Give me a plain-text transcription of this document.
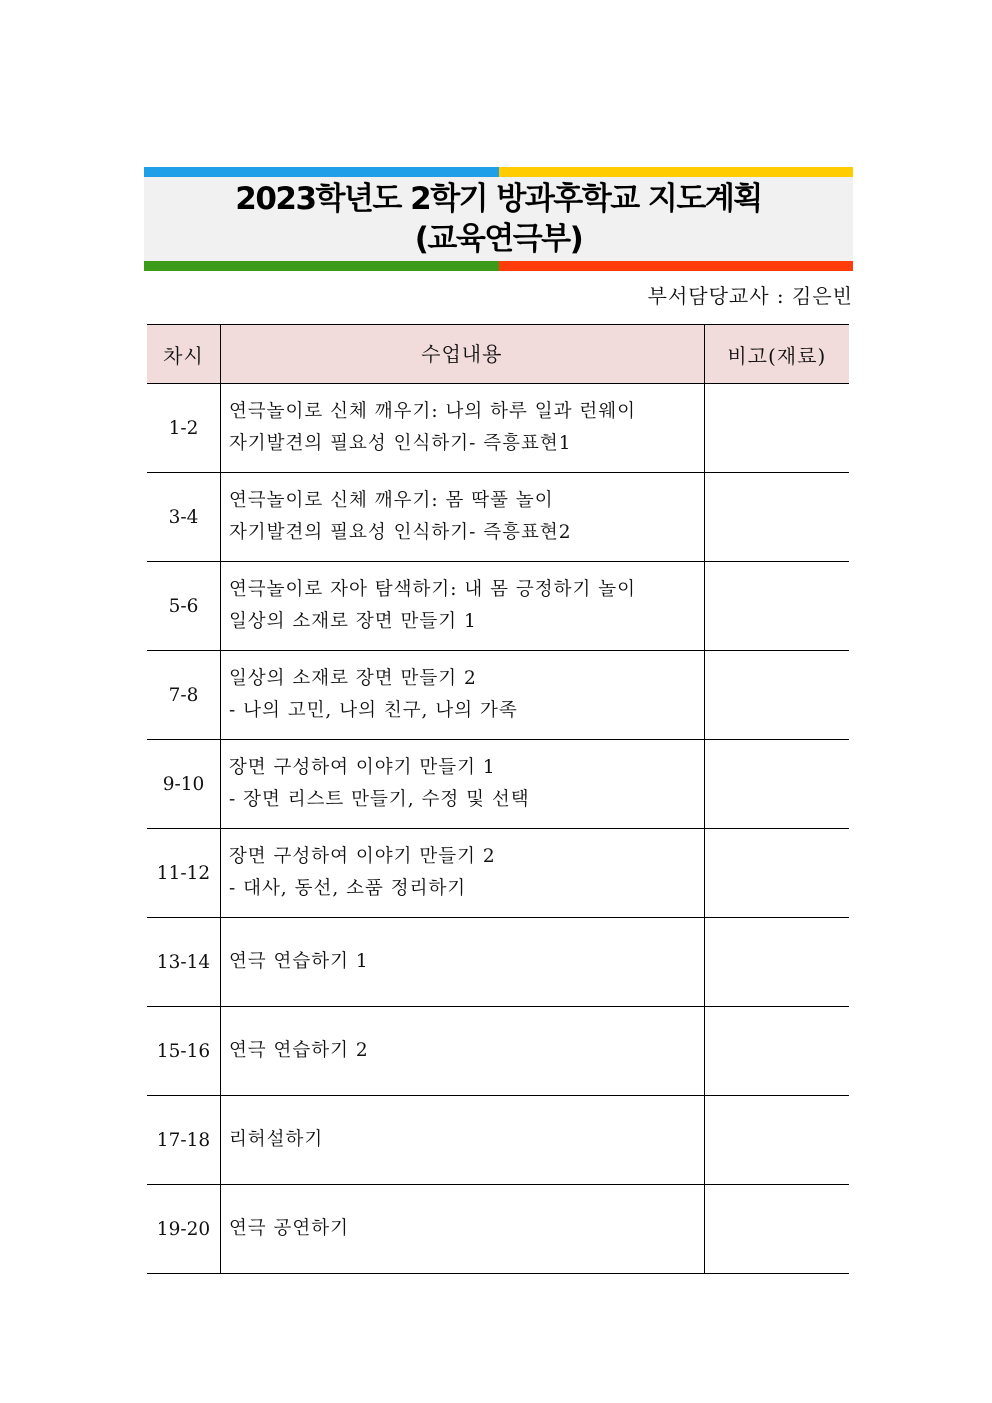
2023학년도 2학기 방과후학교 지도계획
(교육연극부)
부서담당교사 : 김은빈
차시	수업내용	비고(재료)
1-2	연극놀이로 신체 깨우기: 나의 하루 일과 런웨이
자기발견의 필요성 인식하기- 즉흥표현1	

3-4	연극놀이로 신체 깨우기: 몸 딱풀 놀이
자기발견의 필요성 인식하기- 즉흥표현2	

5-6	연극놀이로 자아 탐색하기: 내 몸 긍정하기 놀이
일상의 소재로 장면 만들기 1	

7-8	일상의 소재로 장면 만들기 2
- 나의 고민, 나의 친구, 나의 가족	

9-10	장면 구성하여 이야기 만들기 1
- 장면 리스트 만들기, 수정 및 선택	

11-12	장면 구성하여 이야기 만들기 2
- 대사, 동선, 소품 정리하기	

13-14	연극 연습하기 1	

15-16	연극 연습하기 2	

17-18	리허설하기	

19-20	연극 공연하기	
